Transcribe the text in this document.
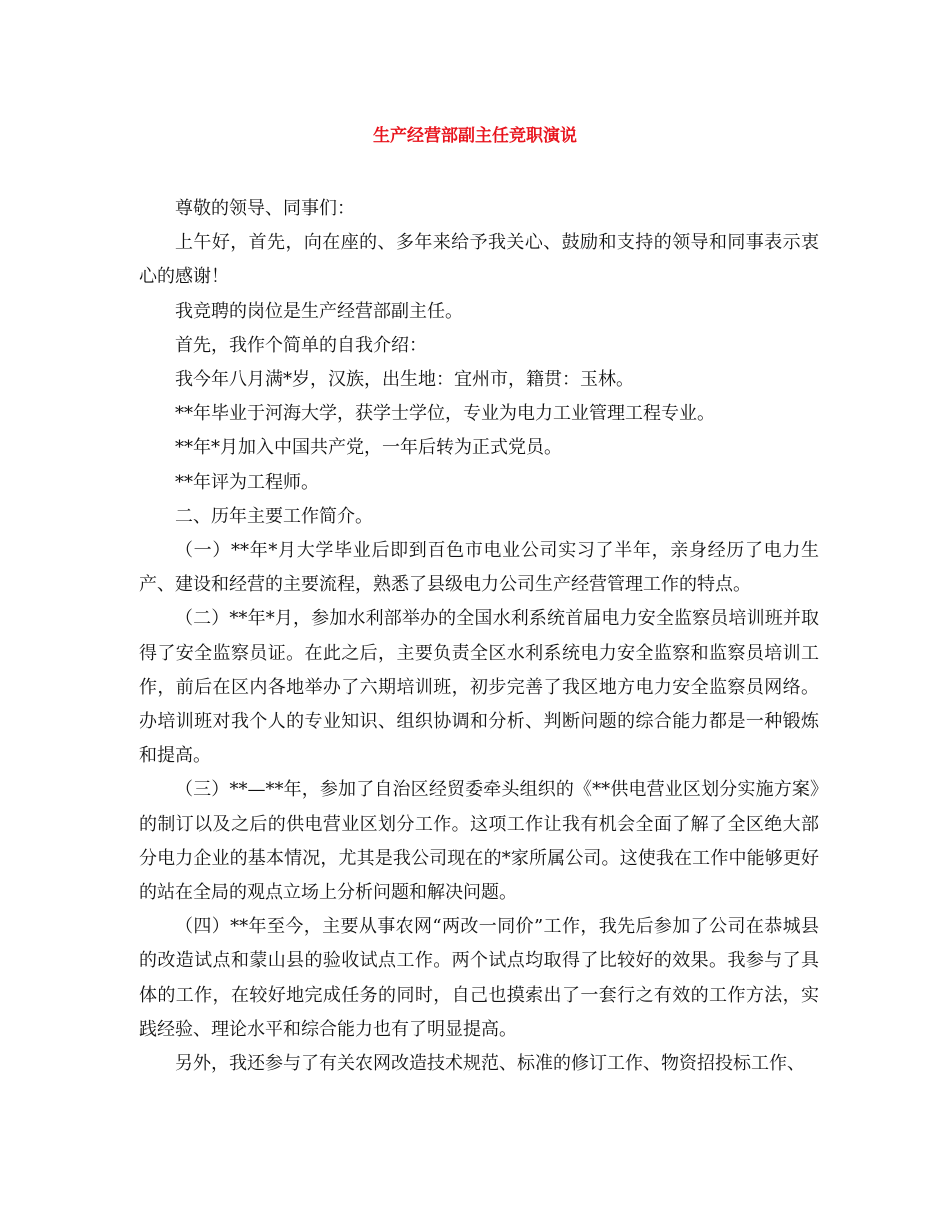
生产经营部副主任竞职演说

尊敬的领导、同事们：

上午好，首先，向在座的、多年来给予我关心、鼓励和支持的领导和同事表示衷心的感谢！

我竞聘的岗位是生产经营部副主任。

首先，我作个简单的自我介绍：

我今年八月满*岁，汉族，出生地：宜州市，籍贯：玉林。

**年毕业于河海大学，获学士学位，专业为电力工业管理工程专业。

**年*月加入中国共产党，一年后转为正式党员。

**年评为工程师。

二、历年主要工作简介。

（一）**年*月大学毕业后即到百色市电业公司实习了半年，亲身经历了电力生产、建设和经营的主要流程，熟悉了县级电力公司生产经营管理工作的特点。

（二）**年*月，参加水利部举办的全国水利系统首届电力安全监察员培训班并取得了安全监察员证。在此之后，主要负责全区水利系统电力安全监察和监察员培训工作，前后在区内各地举办了六期培训班，初步完善了我区地方电力安全监察员网络。办培训班对我个人的专业知识、组织协调和分析、判断问题的综合能力都是一种锻炼和提高。

（三）**—**年，参加了自治区经贸委牵头组织的《**供电营业区划分实施方案》的制订以及之后的供电营业区划分工作。这项工作让我有机会全面了解了全区绝大部分电力企业的基本情况，尤其是我公司现在的*家所属公司。这使我在工作中能够更好的站在全局的观点立场上分析问题和解决问题。

（四）**年至今，主要从事农网“两改一同价”工作，我先后参加了公司在恭城县的改造试点和蒙山县的验收试点工作。两个试点均取得了比较好的效果。我参与了具体的工作，在较好地完成任务的同时，自己也摸索出了一套行之有效的工作方法，实践经验、理论水平和综合能力也有了明显提高。

另外，我还参与了有关农网改造技术规范、标准的修订工作、物资招投标工作、
